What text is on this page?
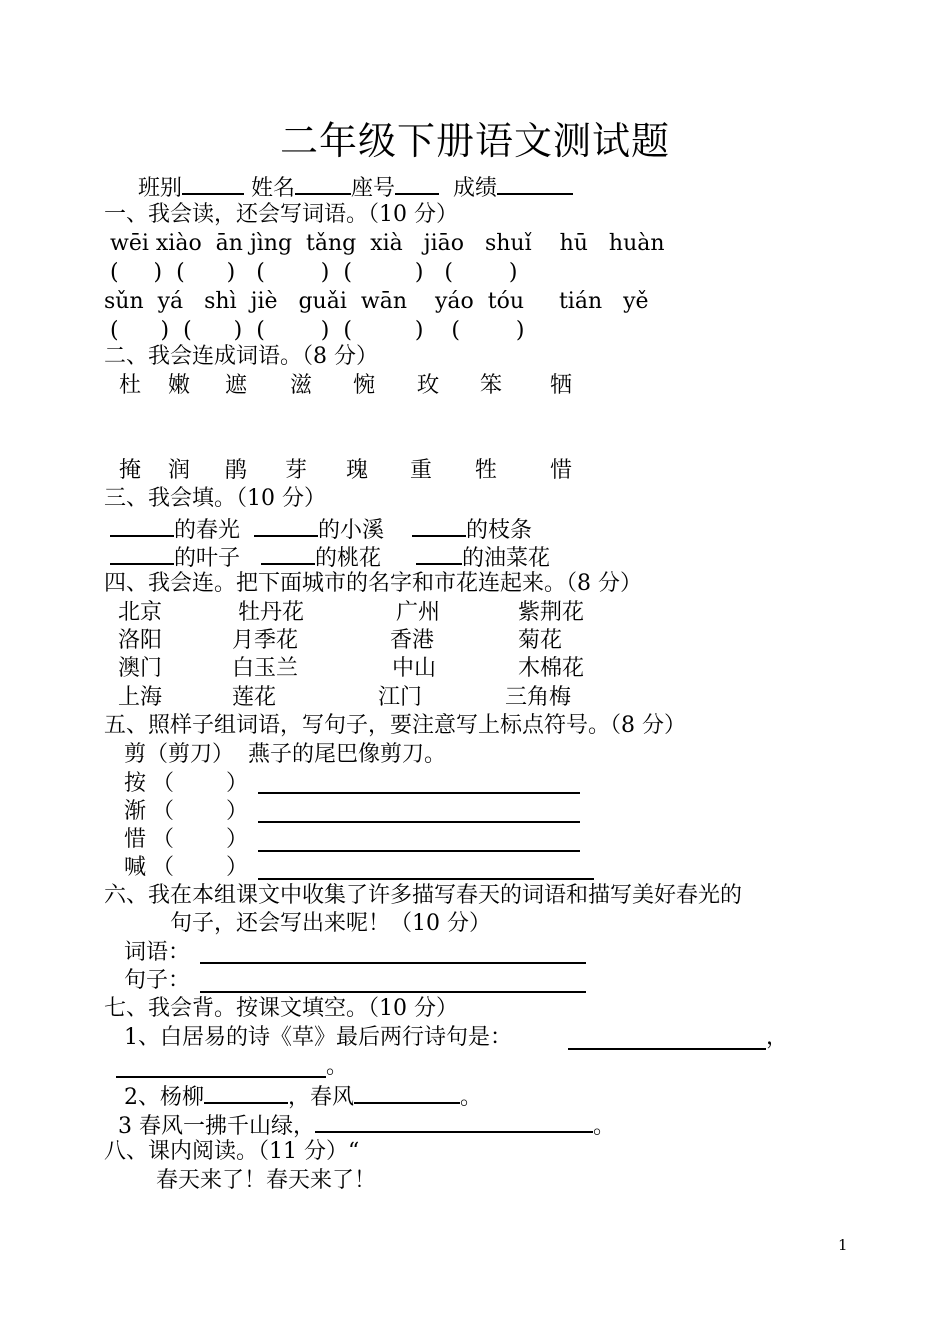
二年级下册语文测试题
班别	姓名	座号	成绩
一、我会读，还会写词语。（10 分）
wēi xiào  ān jìng  tǎng  xià   jiāo   shuǐ    hū   huàn
(     )  (      )   (        )  (         )   (        )
sǔn  yá   shì  jiè   guǎi  wān    yáo  tóu     tián   yě
(      )  (      )  (        )  (         )    (        )
二、我会连成词语。（8 分）
杜 嫩 遮 滋 惋 玫 笨 牺
掩 润 鹃 芽 瑰 重 牲 惜
三、我会填。（10 分）
的春光	的小溪	的枝条
的叶子	的桃花	的油菜花
四、我会连。把下面城市的名字和市花连起来。（8 分）
北京	牡丹花	广州	紫荆花
洛阳	月季花	香港	菊花
澳门	白玉兰	中山	木棉花
上海	莲花	江门	三角梅
五、照样子组词语，写句子，要注意写上标点符号。（8 分）
剪（剪刀）  燕子的尾巴像剪刀。
按 （ ）
渐 （ ）
惜 （ ）
喊 （ ）
六、我在本组课文中收集了许多描写春天的词语和描写美好春光的
句子，还会写出来呢！（10 分）
词语：
句子：
七、我会背。按课文填空。（10 分）
1、白居易的诗《草》最后两行诗句是：	，
。
2、杨柳	，春风	。
3 春风一拂千山绿，	。
八、课内阅读。（11 分）“
春天来了！春天来了！
1
